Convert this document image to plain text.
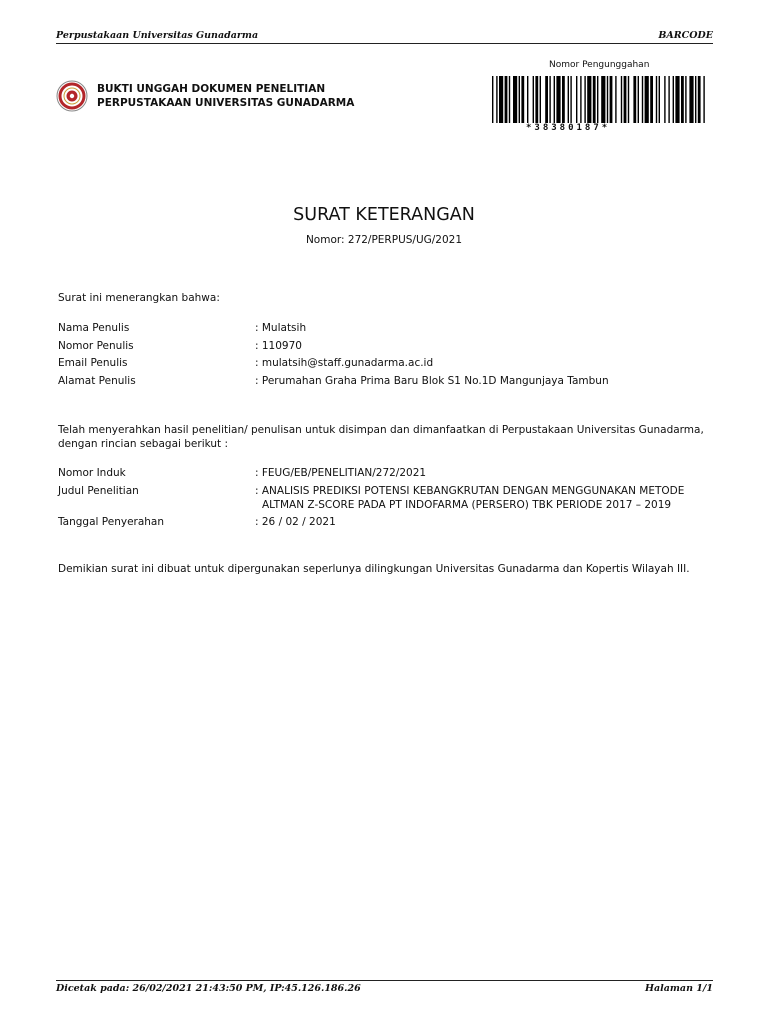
Perpustakaan Universitas Gunadarma	BARCODE
BUKTI UNGGAH DOKUMEN PENELITIAN
PERPUSTAKAAN UNIVERSITAS GUNADARMA
Nomor Pengunggahan
*38380187*
SURAT KETERANGAN
Nomor: 272/PERPUS/UG/2021
Surat ini menerangkan bahwa:
Nama Penulis	: Mulatsih
Nomor Penulis	: 110970
Email Penulis	: mulatsih@staff.gunadarma.ac.id
Alamat Penulis	: Perumahan Graha Prima Baru Blok S1 No.1D Mangunjaya Tambun
Telah menyerahkan hasil penelitian/ penulisan untuk disimpan dan dimanfaatkan di Perpustakaan Universitas Gunadarma,
dengan rincian sebagai berikut :
Nomor Induk	: FEUG/EB/PENELITIAN/272/2021
Judul Penelitian	: ANALISIS PREDIKSI POTENSI KEBANGKRUTAN DENGAN MENGGUNAKAN METODE
ALTMAN Z-SCORE PADA PT INDOFARMA (PERSERO) TBK PERIODE 2017 – 2019
Tanggal Penyerahan	: 26 / 02 / 2021
Demikian surat ini dibuat untuk dipergunakan seperlunya dilingkungan Universitas Gunadarma dan Kopertis Wilayah III.
Dicetak pada: 26/02/2021 21:43:50 PM, IP:45.126.186.26	Halaman 1/1
